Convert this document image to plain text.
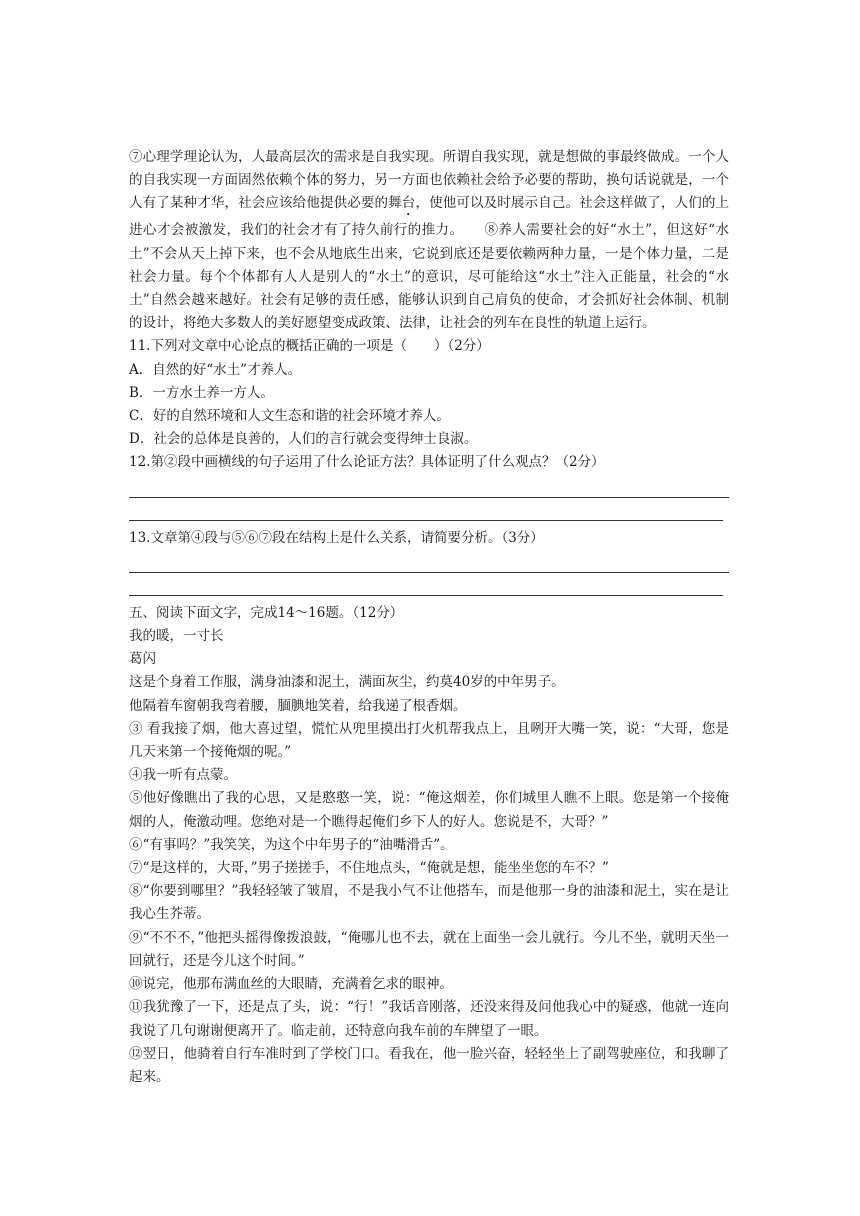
⑦心理学理论认为，人最高层次的需求是自我实现。所谓自我实现，就是想做的事最终做成。一个人的自我实现一方面固然依赖个体的努力，另一方面也依赖社会给予必要的帮助，换句话说就是，一个人有了某种才华，社会应该给他提供必要的舞台，使他可以及时展示自己。社会这样做了，人们的上进心才会被激发，我们的社会才有了持久前行的推力。　　⑧养人需要社会的好“水土”，但这好“水土”不会从天上掉下来，也不会从地底生出来，它说到底还是要依赖两种力量，一是个体力量，二是社会力量。每个个体都有人人是别人的“水土”的意识，尽可能给这“水土”注入正能量，社会的“水土”自然会越来越好。社会有足够的责任感，能够认识到自己肩负的使命，才会抓好社会体制、机制的设计，将绝大多数人的美好愿望变成政策、法律，让社会的列车在良性的轨道上运行。

11.下列对文章中心论点的概括正确的一项是（　　）（2分）

A．自然的好“水土”才养人。

B．一方水土养一方人。

C．好的自然环境和人文生态和谐的社会环境才养人。

D．社会的总体是良善的，人们的言行就会变得绅士良淑。

12.第②段中画横线的句子运用了什么论证方法？具体证明了什么观点？（2分）

13.文章第④段与⑤⑥⑦段在结构上是什么关系，请简要分析。（3分）

五、阅读下面文字，完成14～16题。（12分）

我的暖，一寸长

葛闪

这是个身着工作服，满身油漆和泥土，满面灰尘，约莫40岁的中年男子。

他隔着车窗朝我弯着腰，腼腆地笑着，给我递了根香烟。

③ 看我接了烟，他大喜过望，慌忙从兜里摸出打火机帮我点上，且咧开大嘴一笑，说：“大哥，您是几天来第一个接俺烟的呢。”

④我一听有点蒙。

⑤他好像瞧出了我的心思，又是憨憨一笑，说：“俺这烟差，你们城里人瞧不上眼。您是第一个接俺烟的人，俺激动哩。您绝对是一个瞧得起俺们乡下人的好人。您说是不，大哥？”

⑥“有事吗？”我笑笑，为这个中年男子的“油嘴滑舌”。

⑦“是这样的，大哥，”男子搓搓手，不住地点头，“俺就是想，能坐坐您的车不？”

⑧“你要到哪里？”我轻轻皱了皱眉，不是我小气不让他搭车，而是他那一身的油漆和泥土，实在是让我心生芥蒂。

⑨“不不不，”他把头摇得像拨浪鼓，“俺哪儿也不去，就在上面坐一会儿就行。今儿不坐，就明天坐一回就行，还是今儿这个时间。”

⑩说完，他那布满血丝的大眼睛，充满着乞求的眼神。

⑪我犹豫了一下，还是点了头，说：“行！”我话音刚落，还没来得及问他我心中的疑惑，他就一连向我说了几句谢谢便离开了。临走前，还特意向我车前的车牌望了一眼。

⑫翌日，他骑着自行车准时到了学校门口。看我在，他一脸兴奋，轻轻坐上了副驾驶座位，和我聊了起来。
